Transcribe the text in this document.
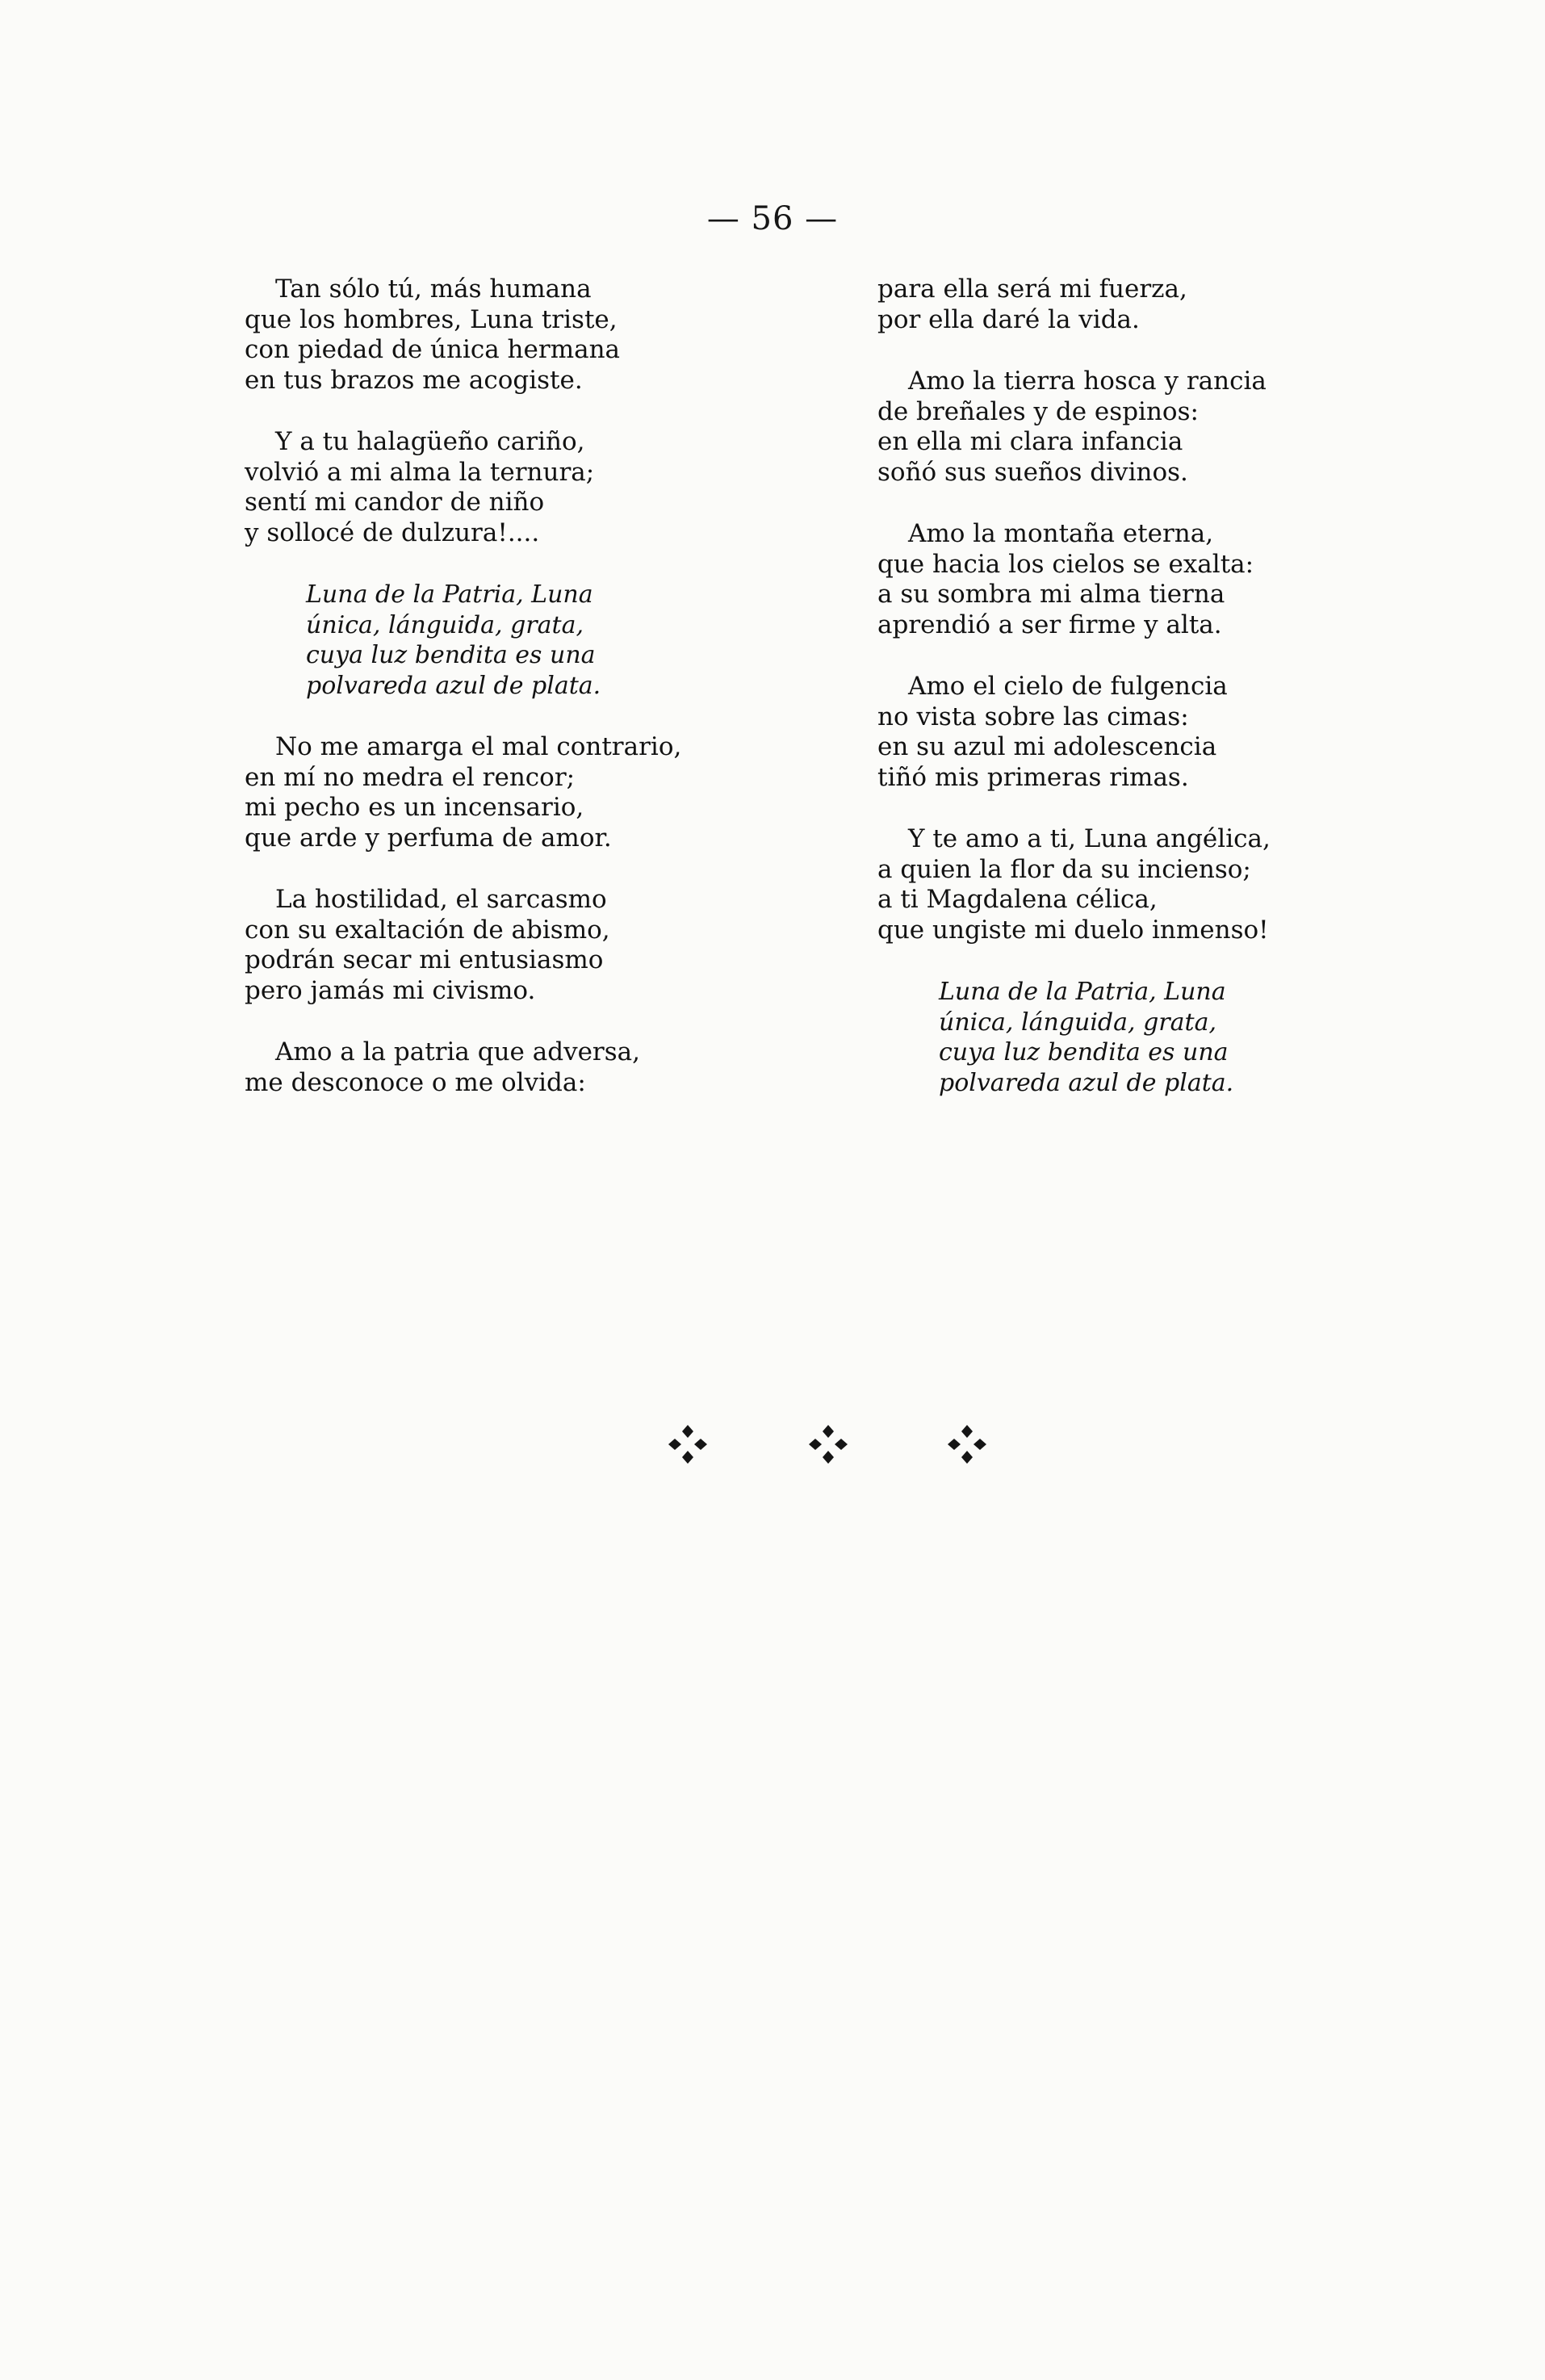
— 56 —
Tan sólo tú, más humana
que los hombres, Luna triste,
con piedad de única hermana
en tus brazos me acogiste.
Y a tu halagüeño cariño,
volvió a mi alma la ternura;
sentí mi candor de niño
y sollocé de dulzura!....
Luna de la Patria, Luna
única, lánguida, grata,
cuya luz bendita es una
polvareda azul de plata.
No me amarga el mal contrario,
en mí no medra el rencor;
mi pecho es un incensario,
que arde y perfuma de amor.
La hostilidad, el sarcasmo
con su exaltación de abismo,
podrán secar mi entusiasmo
pero jamás mi civismo.
Amo a la patria que adversa,
me desconoce o me olvida:
para ella será mi fuerza,
por ella daré la vida.
Amo la tierra hosca y rancia
de breñales y de espinos:
en ella mi clara infancia
soñó sus sueños divinos.
Amo la montaña eterna,
que hacia los cielos se exalta:
a su sombra mi alma tierna
aprendió a ser firme y alta.
Amo el cielo de fulgencia
no vista sobre las cimas:
en su azul mi adolescencia
tiñó mis primeras rimas.
Y te amo a ti, Luna angélica,
a quien la flor da su incienso;
a ti Magdalena célica,
que ungiste mi duelo inmenso!
Luna de la Patria, Luna
única, lánguida, grata,
cuya luz bendita es una
polvareda azul de plata.
